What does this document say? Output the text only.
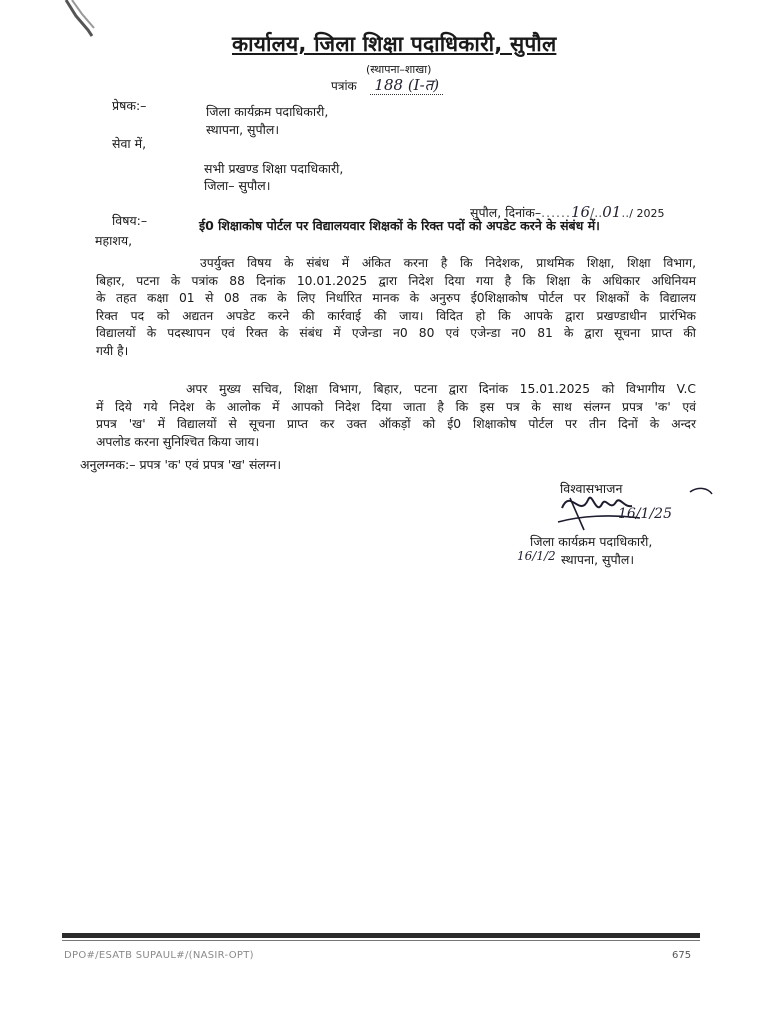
कार्यालय, जिला शिक्षा पदाधिकारी, सुपौल
(स्थापना–शाखा)
पत्रांक 188 (I-त)
प्रेषक:–	जिला कार्यक्रम पदाधिकारी,
स्थापना, सुपौल।
सेवा में,
सभी प्रखण्ड शिक्षा पदाधिकारी,
जिला– सुपौल।
सुपौल, दिनांक–......16/..01../ 2025
विषय:–	ई0 शिक्षाकोष पोर्टल पर विद्यालयवार शिक्षकों के रिक्त पदों को अपडेट करने के संबंध में।
महाशय,
उपर्युक्त विषय के संबंध में अंकित करना है कि निदेशक, प्राथमिक शिक्षा, शिक्षा विभाग,
बिहार, पटना के पत्रांक 88 दिनांक 10.01.2025 द्वारा निदेश दिया गया है कि शिक्षा के अधिकार अधिनियम
के तहत कक्षा 01 से 08 तक के लिए निर्धारित मानक के अनुरुप ई0शिक्षाकोष पोर्टल पर शिक्षकों के विद्यालय
रिक्त पद को अद्यतन अपडेट करने की कार्रवाई की जाय। विदित हो कि आपके द्वारा प्रखण्डाधीन प्रारंभिक
विद्यालयों के पदस्थापन एवं रिक्त के संबंध में एजेन्डा न0 80 एवं एजेन्डा न0 81 के द्वारा सूचना प्राप्त की
गयी है।
अपर मुख्य सचिव, शिक्षा विभाग, बिहार, पटना द्वारा दिनांक 15.01.2025 को विभागीय V.C
में दिये गये निदेश के आलोक में आपको निदेश दिया जाता है कि इस पत्र के साथ संलग्न प्रपत्र 'क' एवं
प्रपत्र 'ख' में विद्यालयों से सूचना प्राप्त कर उक्त ऑकड़ों को ई0 शिक्षाकोष पोर्टल पर तीन दिनों के अन्दर
अपलोड करना सुनिश्चित किया जाय।
अनुलग्नक:– प्रपत्र 'क' एवं प्रपत्र 'ख' संलग्न।
विश्वासभाजन
16/1/25
जिला कार्यक्रम पदाधिकारी,
16/1/2 स्थापना, सुपौल।
DPO#/ESATB SUPAUL#/(NASIR-OPT)	675
